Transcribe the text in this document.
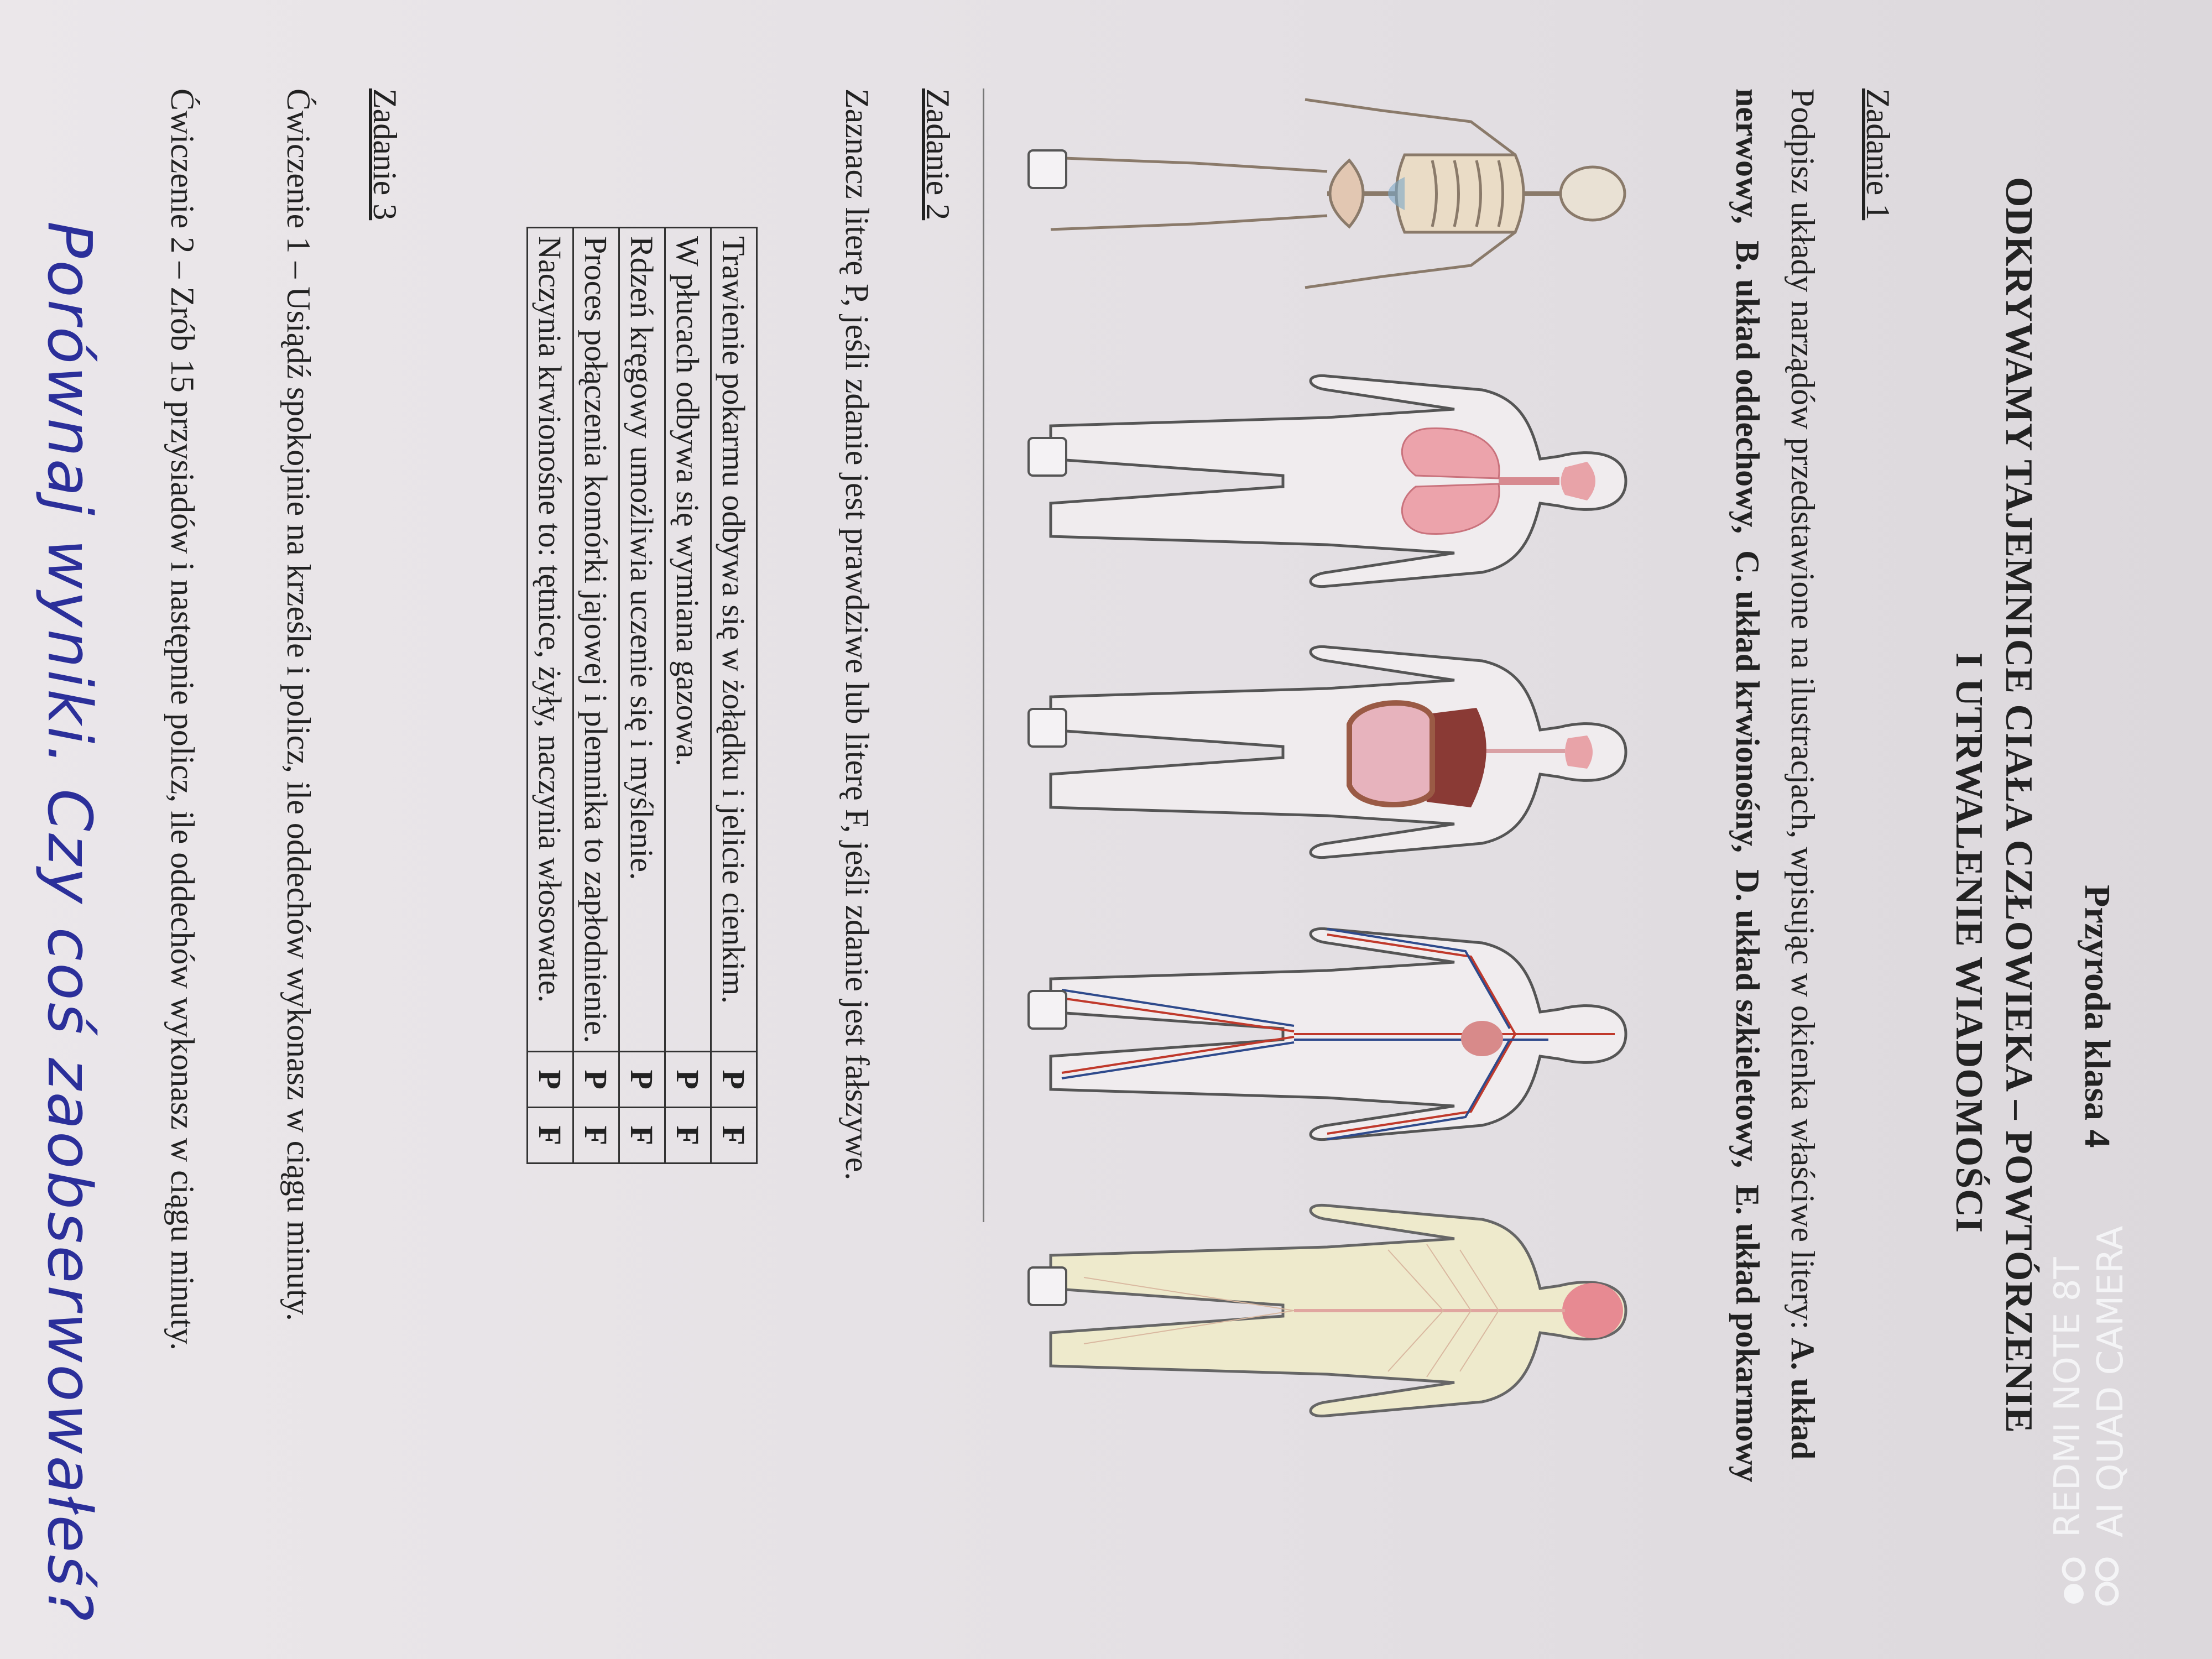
Przyroda klasa 4
ODKRYWAMY TAJEMNICE CIAŁA CZŁOWIEKA – POWTÓRZENIE
I UTRWALENIE WIADOMOŚCI
Zadanie 1
Podpisz układy narządów przedstawione na ilustracjach, wpisując w okienka właściwe litery: A. układ nerwowy,  B. układ oddechowy,  C. układ krwionośny,  D. układ szkieletowy,  E. układ pokarmowy
Zadanie 2
Zaznacz literę P, jeśli zdanie jest prawdziwe lub literę F, jeśli zdanie jest fałszywe.
Trawienie pokarmu odbywa się w żołądku i jelicie cienkim.	P	F
W płucach odbywa się wymiana gazowa.	P	F
Rdzeń kręgowy umożliwia uczenie się i myślenie.	P	F
Proces połączenia komórki jajowej i plemnika to zapłodnienie.	P	F
Naczynia krwionośne to: tętnice, żyły, naczynia włosowate.	P	F
Zadanie 3
Ćwiczenie 1 – Usiądź spokojnie na krześle i policz, ile oddechów wykonasz w ciągu minuty.
Ćwiczenie 2 – Zrób 15 przysiadów i następnie policz, ile oddechów wykonasz w ciągu minuty.
Porównaj wyniki. Czy coś zaobserwowałeś?	REDMI NOTE 8T AI QUAD CAMERA
